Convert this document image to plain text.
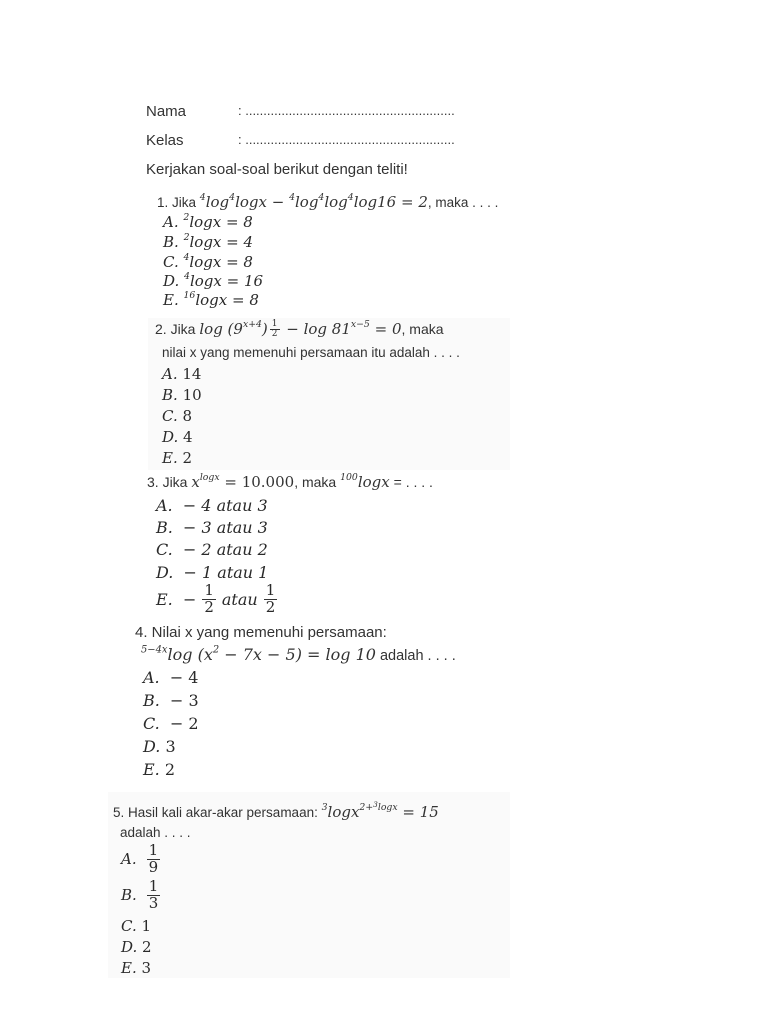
Nama	: ..........................................................
Kelas	: ..........................................................
Kerjakan soal-soal berikut dengan teliti!
1. Jika $^4\log^4\log x - ^4\log^4\log^4\log 16 = 2$, maka . . . .
A. $^2$logx = 8
B. $^2$logx = 4
C. $^4$logx = 8
D. $^4$logx = 16
E. $^{16}$logx = 8
2. Jika $\log (9^{x+4}) \frac{1}{2} - \log 81^{x-5} = 0$, maka
nilai x yang memenuhi persamaan itu adalah . . . .
A. 14
B. 10
C. 8
D. 4
E. 2
3. Jika $x^{logx} = 10.000$, maka $^{100}$logx = . . . .
A. − 4 atau 3
B. − 3 atau 3
C. − 2 atau 2
D. − 1 atau 1
E.
− $\frac{1}{2}$ atau $\frac{1}{2}$
4. Nilai x yang memenuhi persamaan:
$^{5-4x}$log $(x^2 - 7x - 5) = \log 10$ adalah . . . .
A. − 4
B. − 3
C. − 2
D. 3
E. 2
5. Hasil kali akar-akar persamaan: $^3$logx$^{2+^3logx}$ = 15
adalah . . . .
A. $\frac{1}{9}$
B. $\frac{1}{3}$
C. 1
D. 2
E. 3
